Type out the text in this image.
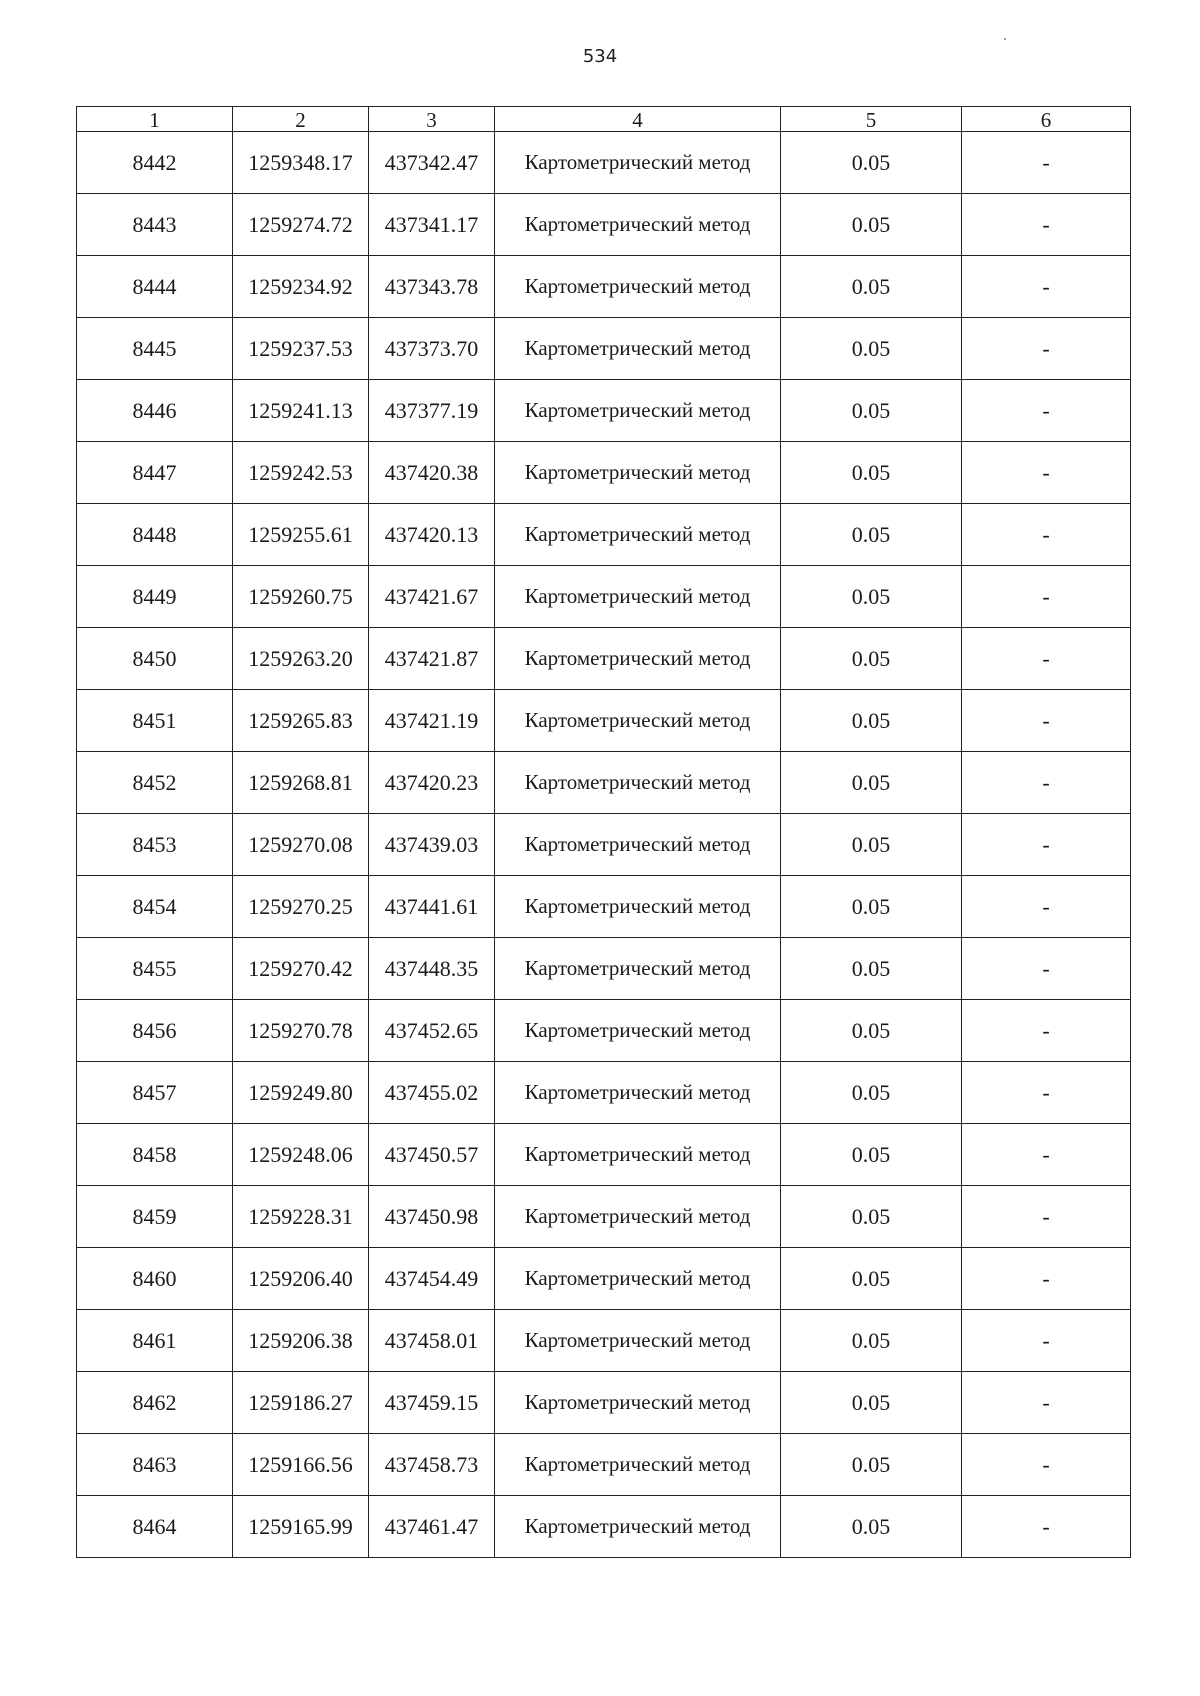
534
1	2	3	4	5	6
8442	1259348.17	437342.47	Картометрический метод	0.05	-
8443	1259274.72	437341.17	Картометрический метод	0.05	-
8444	1259234.92	437343.78	Картометрический метод	0.05	-
8445	1259237.53	437373.70	Картометрический метод	0.05	-
8446	1259241.13	437377.19	Картометрический метод	0.05	-
8447	1259242.53	437420.38	Картометрический метод	0.05	-
8448	1259255.61	437420.13	Картометрический метод	0.05	-
8449	1259260.75	437421.67	Картометрический метод	0.05	-
8450	1259263.20	437421.87	Картометрический метод	0.05	-
8451	1259265.83	437421.19	Картометрический метод	0.05	-
8452	1259268.81	437420.23	Картометрический метод	0.05	-
8453	1259270.08	437439.03	Картометрический метод	0.05	-
8454	1259270.25	437441.61	Картометрический метод	0.05	-
8455	1259270.42	437448.35	Картометрический метод	0.05	-
8456	1259270.78	437452.65	Картометрический метод	0.05	-
8457	1259249.80	437455.02	Картометрический метод	0.05	-
8458	1259248.06	437450.57	Картометрический метод	0.05	-
8459	1259228.31	437450.98	Картометрический метод	0.05	-
8460	1259206.40	437454.49	Картометрический метод	0.05	-
8461	1259206.38	437458.01	Картометрический метод	0.05	-
8462	1259186.27	437459.15	Картометрический метод	0.05	-
8463	1259166.56	437458.73	Картометрический метод	0.05	-
8464	1259165.99	437461.47	Картометрический метод	0.05	-
